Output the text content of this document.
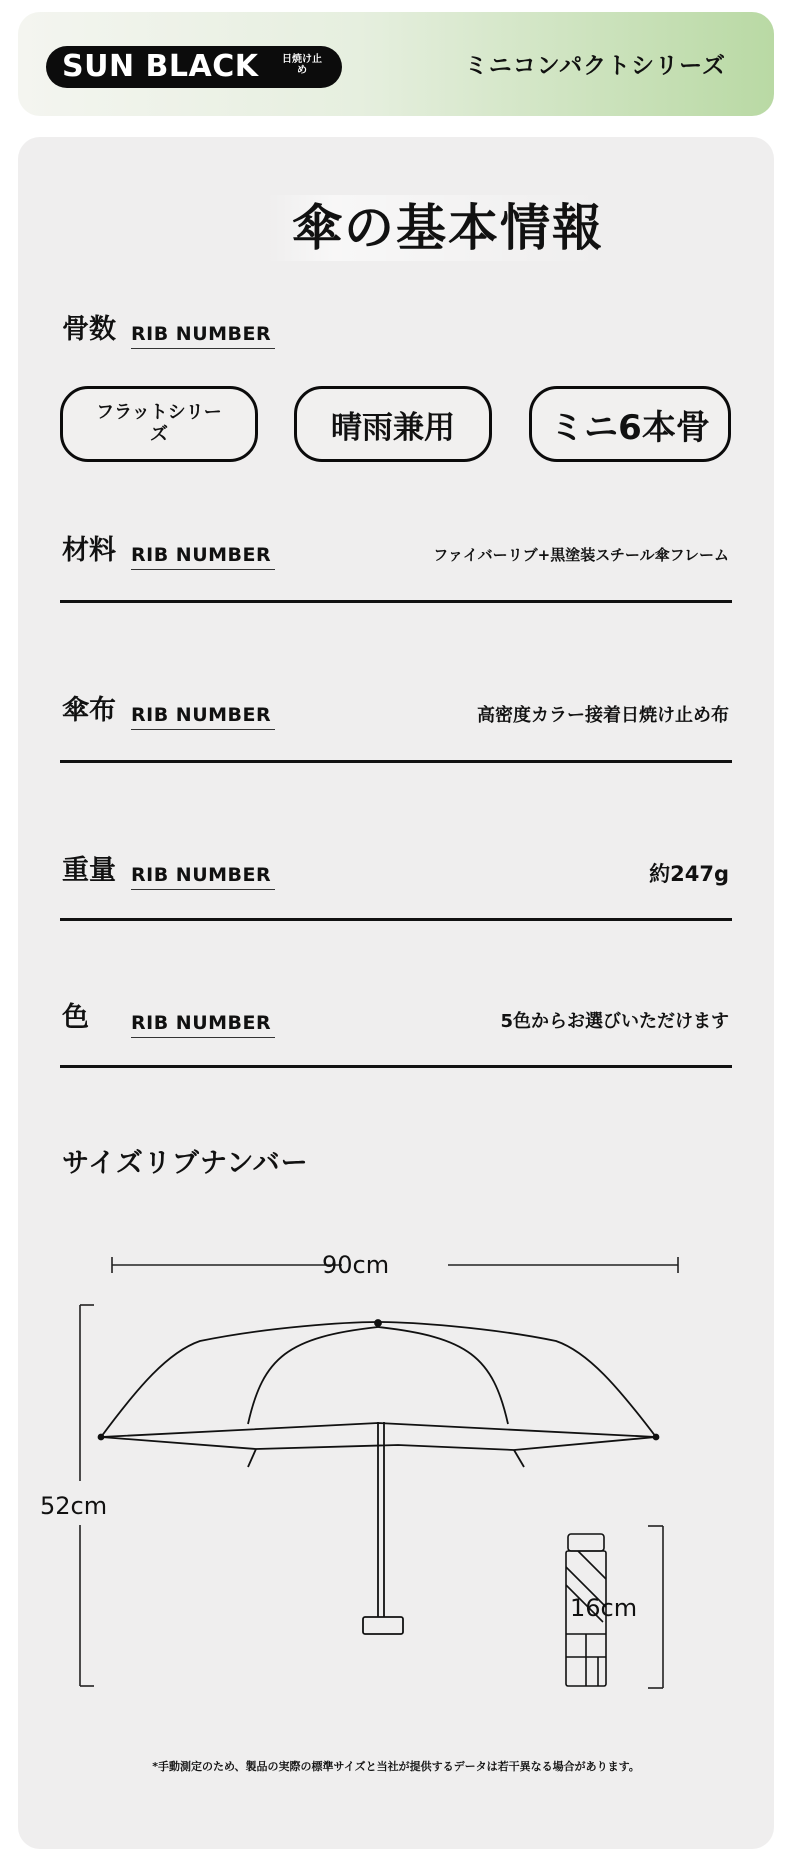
SUN BLACK	日焼け止め	ミニコンパクトシリーズ
傘の基本情報
骨数 RIB NUMBER
フラットシリーズ	晴雨兼用	ミニ6本骨
材料 RIB NUMBER	ファイバーリブ+黒塗装スチール傘フレーム
傘布 RIB NUMBER	高密度カラー接着日焼け止め布
重量 RIB NUMBER	約247g
色 RIB NUMBER	5色からお選びいただけます
サイズリブナンバー
90cm
52cm
16cm
*手動測定のため、製品の実際の標準サイズと当社が提供するデータは若干異なる場合があります。
